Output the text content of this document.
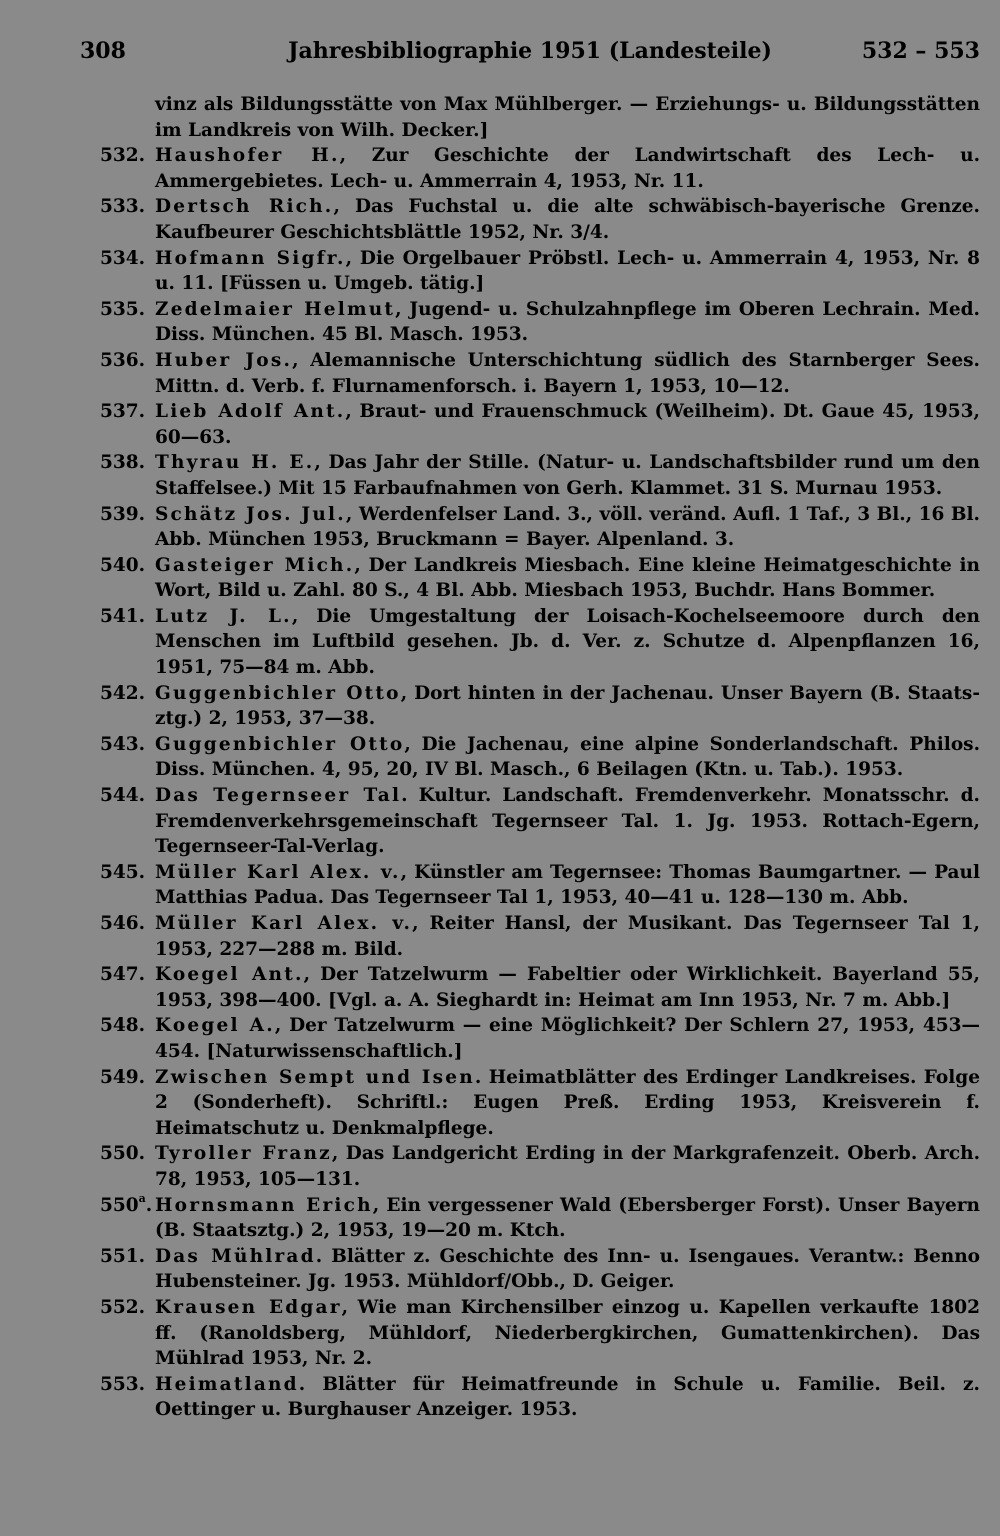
308	Jahresbibliographie 1951 (Landesteile)	532 – 553
vinz als Bildungsstätte von Max Mühlberger. — Erziehungs- u. Bildungsstätten im Landkreis von Wilh. Decker.]
532. Haushofer H., Zur Geschichte der Landwirtschaft des Lech- u. Ammergebietes. Lech- u. Ammerrain 4, 1953, Nr. 11.
533. Dertsch Rich., Das Fuchstal u. die alte schwäbisch-bayerische Grenze. Kaufbeurer Geschichtsblättle 1952, Nr. 3/4.
534. Hofmann Sigfr., Die Orgelbauer Pröbstl. Lech- u. Ammerrain 4, 1953, Nr. 8 u. 11. [Füssen u. Umgeb. tätig.]
535. Zedelmaier Helmut, Jugend- u. Schulzahnpflege im Oberen Lechrain. Med. Diss. München. 45 Bl. Masch. 1953.
536. Huber Jos., Alemannische Unterschichtung südlich des Starnberger Sees. Mittn. d. Verb. f. Flurnamenforsch. i. Bayern 1, 1953, 10—12.
537. Lieb Adolf Ant., Braut- und Frauenschmuck (Weilheim). Dt. Gaue 45, 1953, 60—63.
538. Thyrau H. E., Das Jahr der Stille. (Natur- u. Landschaftsbilder rund um den Staffelsee.) Mit 15 Farbaufnahmen von Gerh. Klammet. 31 S. Murnau 1953.
539. Schätz Jos. Jul., Werdenfelser Land. 3., völl. veränd. Aufl. 1 Taf., 3 Bl., 16 Bl. Abb. München 1953, Bruckmann = Bayer. Alpenland. 3.
540. Gasteiger Mich., Der Landkreis Miesbach. Eine kleine Heimatgeschichte in Wort, Bild u. Zahl. 80 S., 4 Bl. Abb. Miesbach 1953, Buchdr. Hans Bommer.
541. Lutz J. L., Die Umgestaltung der Loisach-Kochelseemoore durch den Menschen im Luftbild gesehen. Jb. d. Ver. z. Schutze d. Alpenpflanzen 16, 1951, 75—84 m. Abb.
542. Guggenbichler Otto, Dort hinten in der Jachenau. Unser Bayern (B. Staats-ztg.) 2, 1953, 37—38.
543. Guggenbichler Otto, Die Jachenau, eine alpine Sonderlandschaft. Philos. Diss. München. 4, 95, 20, IV Bl. Masch., 6 Beilagen (Ktn. u. Tab.). 1953.
544. Das Tegernseer Tal. Kultur. Landschaft. Fremdenverkehr. Monatsschr. d. Fremdenverkehrsgemeinschaft Tegernseer Tal. 1. Jg. 1953. Rottach-Egern, Tegernseer-Tal-Verlag.
545. Müller Karl Alex. v., Künstler am Tegernsee: Thomas Baumgartner. — Paul Matthias Padua. Das Tegernseer Tal 1, 1953, 40—41 u. 128—130 m. Abb.
546. Müller Karl Alex. v., Reiter Hansl, der Musikant. Das Tegernseer Tal 1, 1953, 227—288 m. Bild.
547. Koegel Ant., Der Tatzelwurm — Fabeltier oder Wirklichkeit. Bayerland 55, 1953, 398—400. [Vgl. a. A. Sieghardt in: Heimat am Inn 1953, Nr. 7 m. Abb.]
548. Koegel A., Der Tatzelwurm — eine Möglichkeit? Der Schlern 27, 1953, 453—454. [Naturwissenschaftlich.]
549. Zwischen Sempt und Isen. Heimatblätter des Erdinger Landkreises. Folge 2 (Sonderheft). Schriftl.: Eugen Preß. Erding 1953, Kreisverein f. Heimatschutz u. Denkmalpflege.
550. Tyroller Franz, Das Landgericht Erding in der Markgrafenzeit. Oberb. Arch. 78, 1953, 105—131.
550$^a$. Hornsmann Erich, Ein vergessener Wald (Ebersberger Forst). Unser Bayern (B. Staatsztg.) 2, 1953, 19—20 m. Ktch.
551. Das Mühlrad. Blätter z. Geschichte des Inn- u. Isengaues. Verantw.: Benno Hubensteiner. Jg. 1953. Mühldorf/Obb., D. Geiger.
552. Krausen Edgar, Wie man Kirchensilber einzog u. Kapellen verkaufte 1802 ff. (Ranoldsberg, Mühldorf, Niederbergkirchen, Gumattenkirchen). Das Mühlrad 1953, Nr. 2.
553. Heimatland. Blätter für Heimatfreunde in Schule u. Familie. Beil. z. Oettinger u. Burghauser Anzeiger. 1953.
